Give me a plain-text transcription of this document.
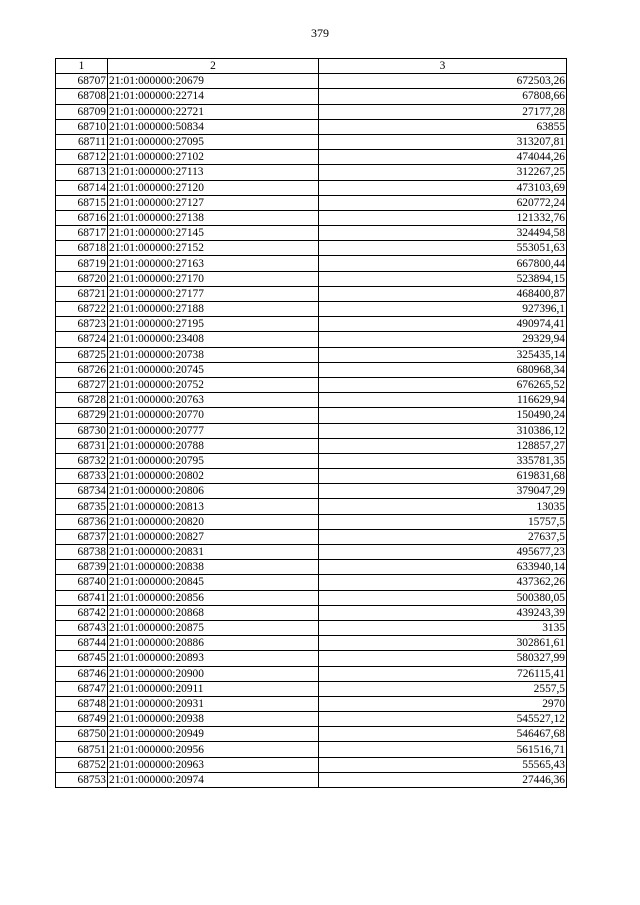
379
1	2	3
68707	21:01:000000:20679	672503,26
68708	21:01:000000:22714	67808,66
68709	21:01:000000:22721	27177,28
68710	21:01:000000:50834	63855
68711	21:01:000000:27095	313207,81
68712	21:01:000000:27102	474044,26
68713	21:01:000000:27113	312267,25
68714	21:01:000000:27120	473103,69
68715	21:01:000000:27127	620772,24
68716	21:01:000000:27138	121332,76
68717	21:01:000000:27145	324494,58
68718	21:01:000000:27152	553051,63
68719	21:01:000000:27163	667800,44
68720	21:01:000000:27170	523894,15
68721	21:01:000000:27177	468400,87
68722	21:01:000000:27188	927396,1
68723	21:01:000000:27195	490974,41
68724	21:01:000000:23408	29329,94
68725	21:01:000000:20738	325435,14
68726	21:01:000000:20745	680968,34
68727	21:01:000000:20752	676265,52
68728	21:01:000000:20763	116629,94
68729	21:01:000000:20770	150490,24
68730	21:01:000000:20777	310386,12
68731	21:01:000000:20788	128857,27
68732	21:01:000000:20795	335781,35
68733	21:01:000000:20802	619831,68
68734	21:01:000000:20806	379047,29
68735	21:01:000000:20813	13035
68736	21:01:000000:20820	15757,5
68737	21:01:000000:20827	27637,5
68738	21:01:000000:20831	495677,23
68739	21:01:000000:20838	633940,14
68740	21:01:000000:20845	437362,26
68741	21:01:000000:20856	500380,05
68742	21:01:000000:20868	439243,39
68743	21:01:000000:20875	3135
68744	21:01:000000:20886	302861,61
68745	21:01:000000:20893	580327,99
68746	21:01:000000:20900	726115,41
68747	21:01:000000:20911	2557,5
68748	21:01:000000:20931	2970
68749	21:01:000000:20938	545527,12
68750	21:01:000000:20949	546467,68
68751	21:01:000000:20956	561516,71
68752	21:01:000000:20963	55565,43
68753	21:01:000000:20974	27446,36
